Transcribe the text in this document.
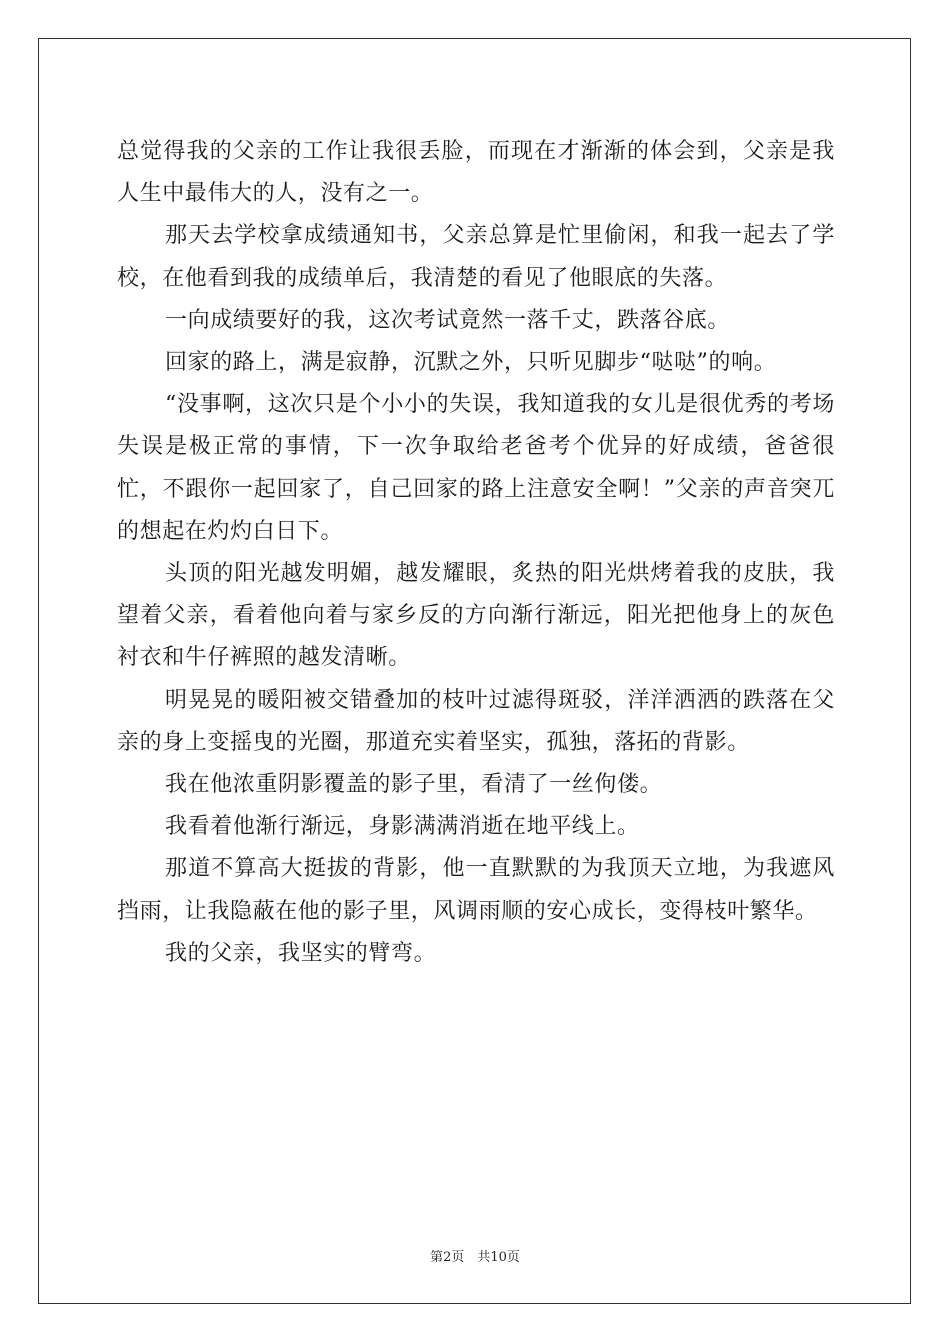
总觉得我的父亲的工作让我很丢脸，而现在才渐渐的体会到，父亲是我人生中最伟大的人，没有之一。

那天去学校拿成绩通知书，父亲总算是忙里偷闲，和我一起去了学校，在他看到我的成绩单后，我清楚的看见了他眼底的失落。

一向成绩要好的我，这次考试竟然一落千丈，跌落谷底。

回家的路上，满是寂静，沉默之外，只听见脚步“哒哒”的响。

“没事啊，这次只是个小小的失误，我知道我的女儿是很优秀的考场失误是极正常的事情，下一次争取给老爸考个优异的好成绩，爸爸很忙，不跟你一起回家了，自己回家的路上注意安全啊！”父亲的声音突兀的想起在灼灼白日下。

头顶的阳光越发明媚，越发耀眼，炙热的阳光烘烤着我的皮肤，我望着父亲，看着他向着与家乡反的方向渐行渐远，阳光把他身上的灰色衬衣和牛仔裤照的越发清晰。

明晃晃的暖阳被交错叠加的枝叶过滤得斑驳，洋洋洒洒的跌落在父亲的身上变摇曳的光圈，那道充实着坚实，孤独，落拓的背影。

我在他浓重阴影覆盖的影子里，看清了一丝佝偻。

我看着他渐行渐远，身影满满消逝在地平线上。

那道不算高大挺拔的背影，他一直默默的为我顶天立地，为我遮风挡雨，让我隐蔽在他的影子里，风调雨顺的安心成长，变得枝叶繁华。

我的父亲，我坚实的臂弯。

第2页　共10页
